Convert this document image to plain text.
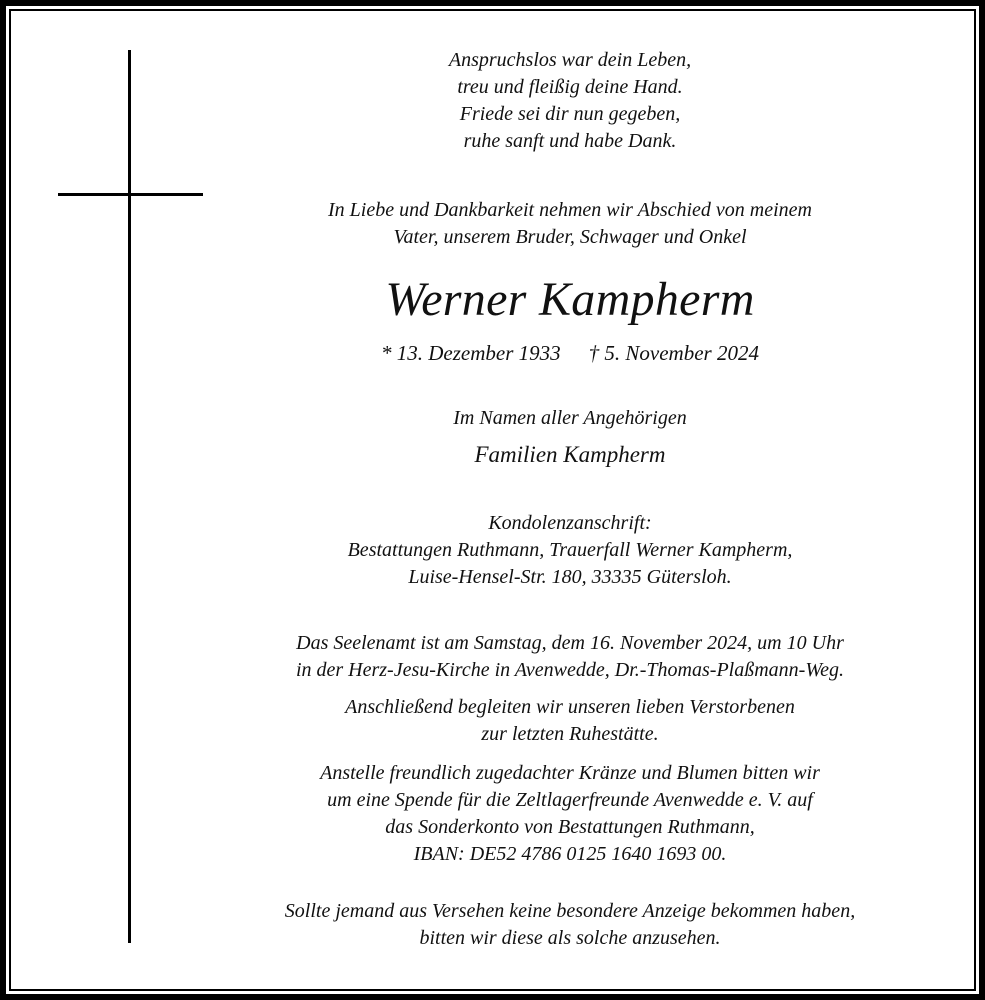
Anspruchslos war dein Leben,
treu und fleißig deine Hand.
Friede sei dir nun gegeben,
ruhe sanft und habe Dank.
In Liebe und Dankbarkeit nehmen wir Abschied von meinem
Vater, unserem Bruder, Schwager und Onkel
Werner Kampherm
* 13. Dezember 1933 † 5. November 2024
Im Namen aller Angehörigen
Familien Kampherm
Kondolenzanschrift:
Bestattungen Ruthmann, Trauerfall Werner Kampherm,
Luise-Hensel-Str. 180, 33335 Gütersloh.
Das Seelenamt ist am Samstag, dem 16. November 2024, um 10 Uhr
in der Herz-Jesu-Kirche in Avenwedde, Dr.-Thomas-Plaßmann-Weg.
Anschließend begleiten wir unseren lieben Verstorbenen
zur letzten Ruhestätte.
Anstelle freundlich zugedachter Kränze und Blumen bitten wir
um eine Spende für die Zeltlagerfreunde Avenwedde e. V. auf
das Sonderkonto von Bestattungen Ruthmann,
IBAN: DE52 4786 0125 1640 1693 00.
Sollte jemand aus Versehen keine besondere Anzeige bekommen haben,
bitten wir diese als solche anzusehen.
